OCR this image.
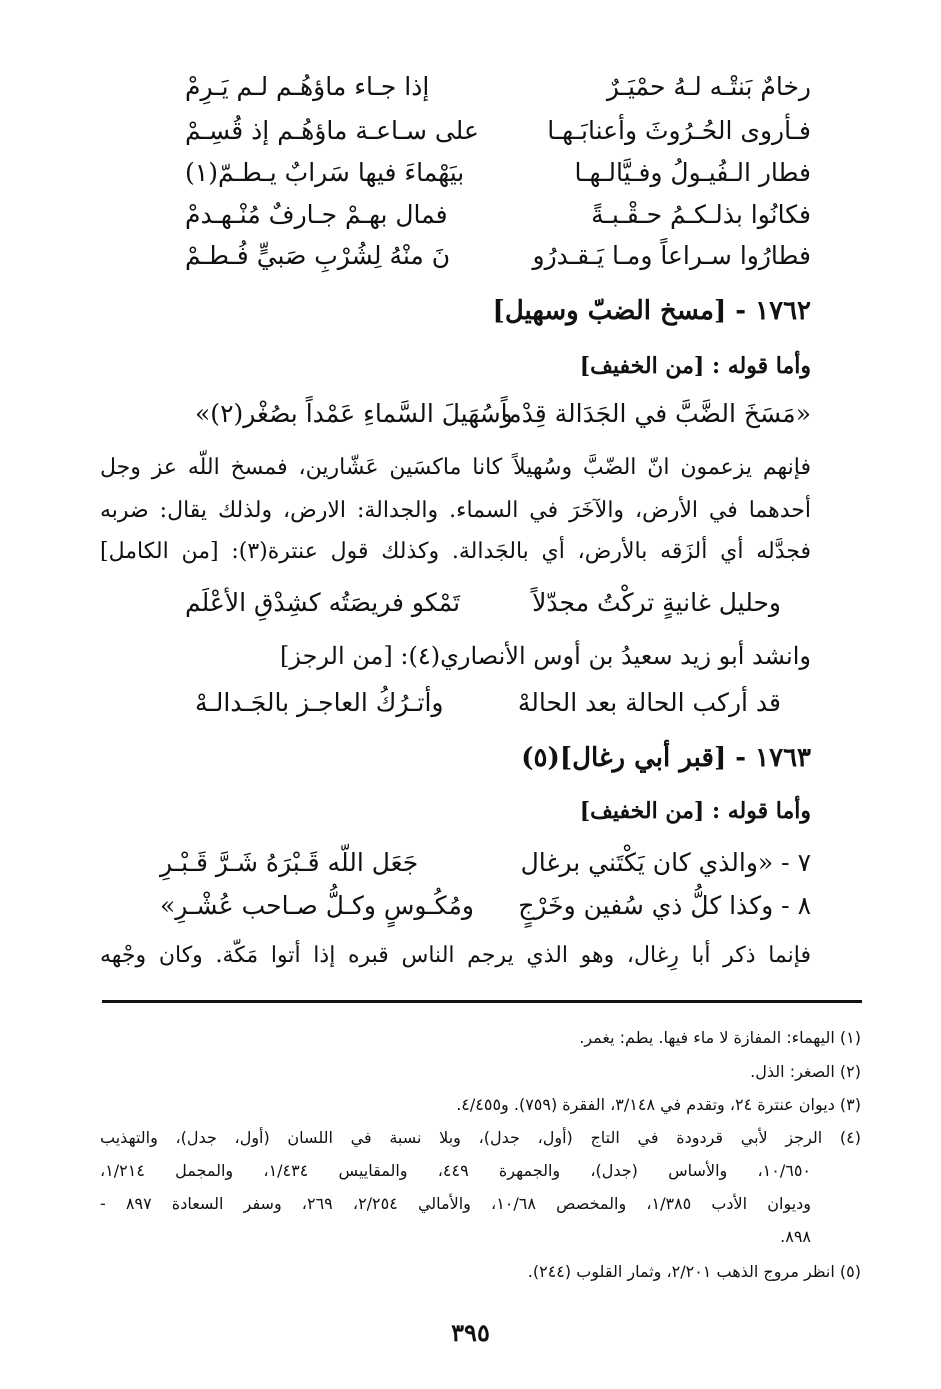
رخامٌ بَنتْـه لـهُ حمْيَـرٌ
إذا جـاء ماؤهُـم لـم يَـرِمْ
فـأروى الحُـرُوثَ وأعنابَـهـا
على سـاعـة ماؤهُـم إذ قُسِـمْ
فطار الـفُيـولُ وفـيَّالـهـا
بيَهْماءَ فيها سَرابٌ يـطـمّ(١)
فكانُوا بذلـكـمُ حـقْـبـةً
فمال بهـمْ جـارفٌ مُنْـهـدمْ
فطارُوا سـراعاً ومـا يَـقـدرُو
نَ منْهُ لِشُرْبِ صَبيٍّ فُـطـمْ
١٧٦٢ - [مسخ الضبّ وسهيل]
وأما قوله : [من الخفيف]
«مَسَخَ الضَّبَّ في الجَدَالة قِدْماً
وسُهَيلَ السَّماءِ عَمْداً بصُغْر(٢)»
فإنهم يزعمون انّ الضّبَّ وسُهيلاً كانا ماكسَين عَشّارين، فمسخ اللّه عز وجل
أحدهما في الأرض، والآخَرَ في السماء. والجدالة: الارض، ولذلك يقال: ضربه
فجدَّله أي ألزَقه بالأرض، أي بالجَدالة. وكذلك قول عنترة(٣): [من الكامل]
وحليل غانيةٍ تركْتُ مجدّلاً
تَمْكو فريصَتُه كشِدْقِ الأعْلَم
وانشد أبو زيد سعيدُ بن أوس الأنصاري(٤): [من الرجز]
قد أركب الحالة بعد الحالهْ
وأتـرُكُ العاجـز بالجَـدالـهْ
١٧٦٣ - [قبر أبي رغال](٥)
وأما قوله : [من الخفيف]
٧ - «والذي كان يَكْتَني برغال
جَعَل اللّه قَـبْرَهُ شَـرَّ قَـبْـرِ
٨ - وكذا كلُّ ذي سُفين وخَرْجٍ
ومُكُـوسٍ وكـلُّ صـاحب عُشْـرِ»
فإنما ذكر أبا رِغال، وهو الذي يرجم الناس قبره إذا أتوا مَكّة. وكان وجْهه
(١) اليهماء: المفازة لا ماء فيها. يطم: يغمر.
(٢) الصغر: الذل.
(٣) ديوان عنترة ٢٤، وتقدم في ٣/١٤٨، الفقرة (٧٥٩). و٤/٤٥٥.
(٤) الرجز لأبي قردودة في التاج (أول، جدل)، وبلا نسبة في اللسان (أول، جدل)، والتهذيب
١٠/٦٥٠، والأساس (جدل)، والجمهرة ٤٤٩، والمقاييس ١/٤٣٤، والمجمل ١/٢١٤،
وديوان الأدب ١/٣٨٥، والمخصص ١٠/٦٨، والأمالي ٢/٢٥٤، ٢٦٩، وسفر السعادة ٨٩٧ -
٨٩٨.
(٥) انظر مروج الذهب ٢/٢٠١، وثمار القلوب (٢٤٤).
٣٩٥
